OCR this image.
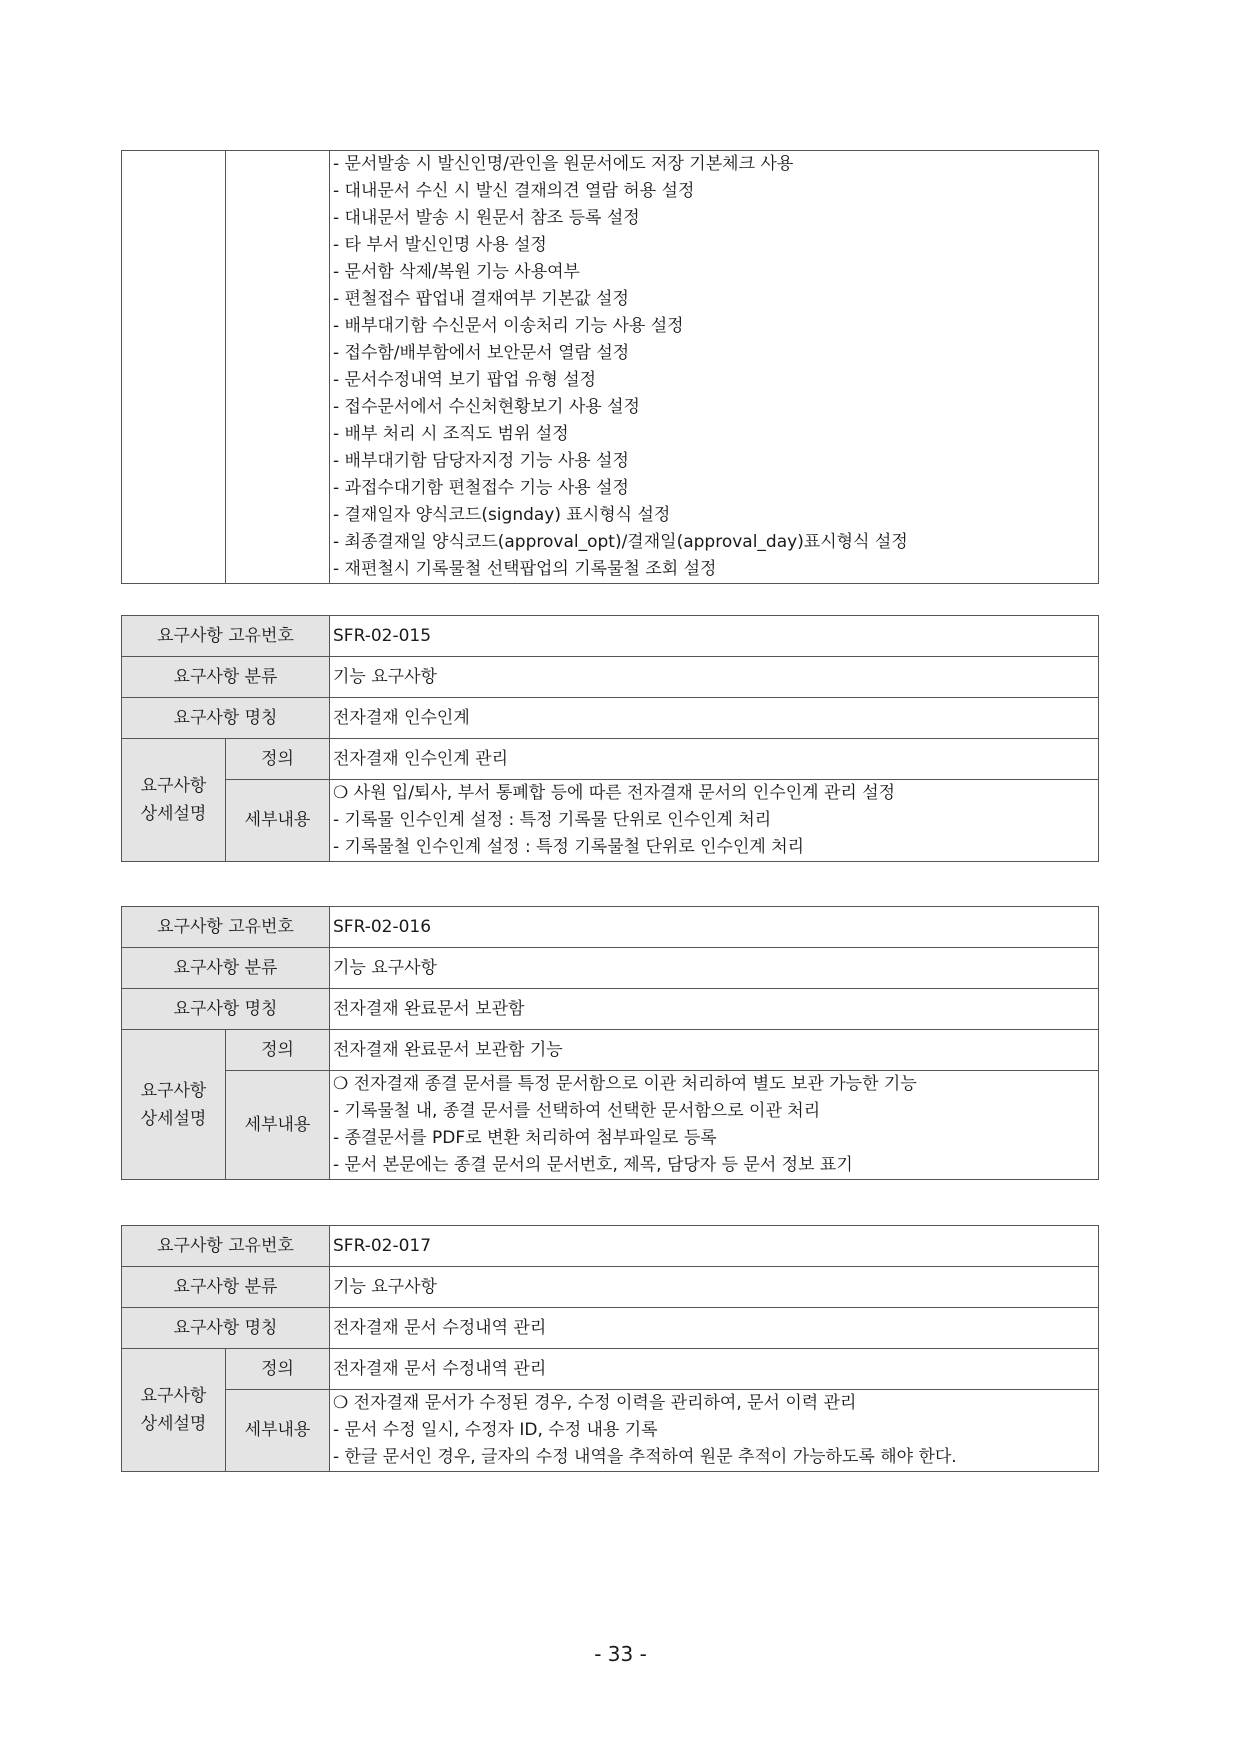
- 문서발송 시 발신인명/관인을 원문서에도 저장 기본체크 사용
- 대내문서 수신 시 발신 결재의견 열람 허용 설정
- 대내문서 발송 시 원문서 참조 등록 설정
- 타 부서 발신인명 사용 설정
- 문서함 삭제/복원 기능 사용여부
- 편철접수 팝업내 결재여부 기본값 설정
- 배부대기함 수신문서 이송처리 기능 사용 설정
- 접수함/배부함에서 보안문서 열람 설정
- 문서수정내역 보기 팝업 유형 설정
- 접수문서에서 수신처현황보기 사용 설정
- 배부 처리 시 조직도 범위 설정
- 배부대기함 담당자지정 기능 사용 설정
- 과접수대기함 편철접수 기능 사용 설정
- 결재일자 양식코드(signday) 표시형식 설정
- 최종결재일 양식코드(approval_opt)/결재일(approval_day)표시형식 설정
- 재편철시 기록물철 선택팝업의 기록물철 조회 설정
요구사항 고유번호		SFR-02-015
요구사항 분류		기능 요구사항
요구사항 명칭		전자결재 인수인계
요구사항 상세설명	정의	전자결재 인수인계 관리
	세부내용	❍ 사원 입/퇴사, 부서 통폐합 등에 따른 전자결재 문서의 인수인계 관리 설정
- 기록물 인수인계 설정 : 특정 기록물 단위로 인수인계 처리
- 기록물철 인수인계 설정 : 특정 기록물철 단위로 인수인계 처리
요구사항 고유번호		SFR-02-016
요구사항 분류		기능 요구사항
요구사항 명칭		전자결재 완료문서 보관함
요구사항 상세설명	정의	전자결재 완료문서 보관함 기능
	세부내용	❍ 전자결재 종결 문서를 특정 문서함으로 이관 처리하여 별도 보관 가능한 기능
- 기록물철 내, 종결 문서를 선택하여 선택한 문서함으로 이관 처리
- 종결문서를 PDF로 변환 처리하여 첨부파일로 등록
- 문서 본문에는 종결 문서의 문서번호, 제목, 담당자 등 문서 정보 표기
요구사항 고유번호		SFR-02-017
요구사항 분류		기능 요구사항
요구사항 명칭		전자결재 문서 수정내역 관리
요구사항 상세설명	정의	전자결재 문서 수정내역 관리
	세부내용	❍ 전자결재 문서가 수정된 경우, 수정 이력을 관리하여, 문서 이력 관리
- 문서 수정 일시, 수정자 ID, 수정 내용 기록
- 한글 문서인 경우, 글자의 수정 내역을 추적하여 원문 추적이 가능하도록 해야 한다.
- 33 -
